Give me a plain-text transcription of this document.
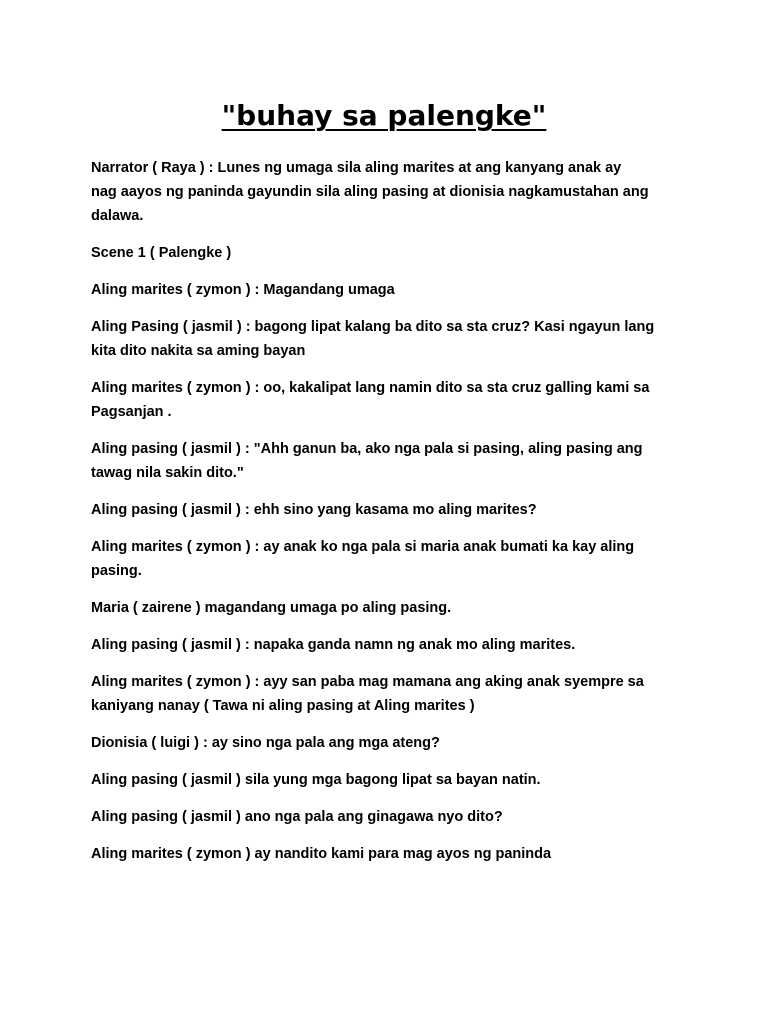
"buhay sa palengke"

Narrator ( Raya ) : Lunes ng umaga sila aling marites at ang kanyang anak ay
nag aayos ng paninda gayundin sila aling pasing at dionisia nagkamustahan ang
dalawa.

Scene 1 ( Palengke )

Aling marites ( zymon ) : Magandang umaga

Aling Pasing ( jasmil ) : bagong lipat kalang ba dito sa sta cruz? Kasi ngayun lang
kita dito nakita sa aming bayan

Aling marites ( zymon ) : oo, kakalipat lang namin dito sa sta cruz galling kami sa
Pagsanjan .

Aling pasing ( jasmil ) : "Ahh ganun ba, ako nga pala si pasing, aling pasing ang
tawag nila sakin dito."

Aling pasing ( jasmil ) : ehh sino yang kasama mo aling marites?

Aling marites ( zymon ) : ay anak ko nga pala si maria anak bumati ka kay aling
pasing.

Maria ( zairene ) magandang umaga po aling pasing.

Aling pasing ( jasmil ) : napaka ganda namn ng anak mo aling marites.

Aling marites ( zymon ) : ayy san paba mag mamana ang aking anak syempre sa
kaniyang nanay ( Tawa ni aling pasing at Aling marites )

Dionisia ( luigi ) : ay sino nga pala ang mga ateng?

Aling pasing ( jasmil ) sila yung mga bagong lipat sa bayan natin.

Aling pasing ( jasmil ) ano nga pala ang ginagawa nyo dito?

Aling marites ( zymon ) ay nandito kami para mag ayos ng paninda
